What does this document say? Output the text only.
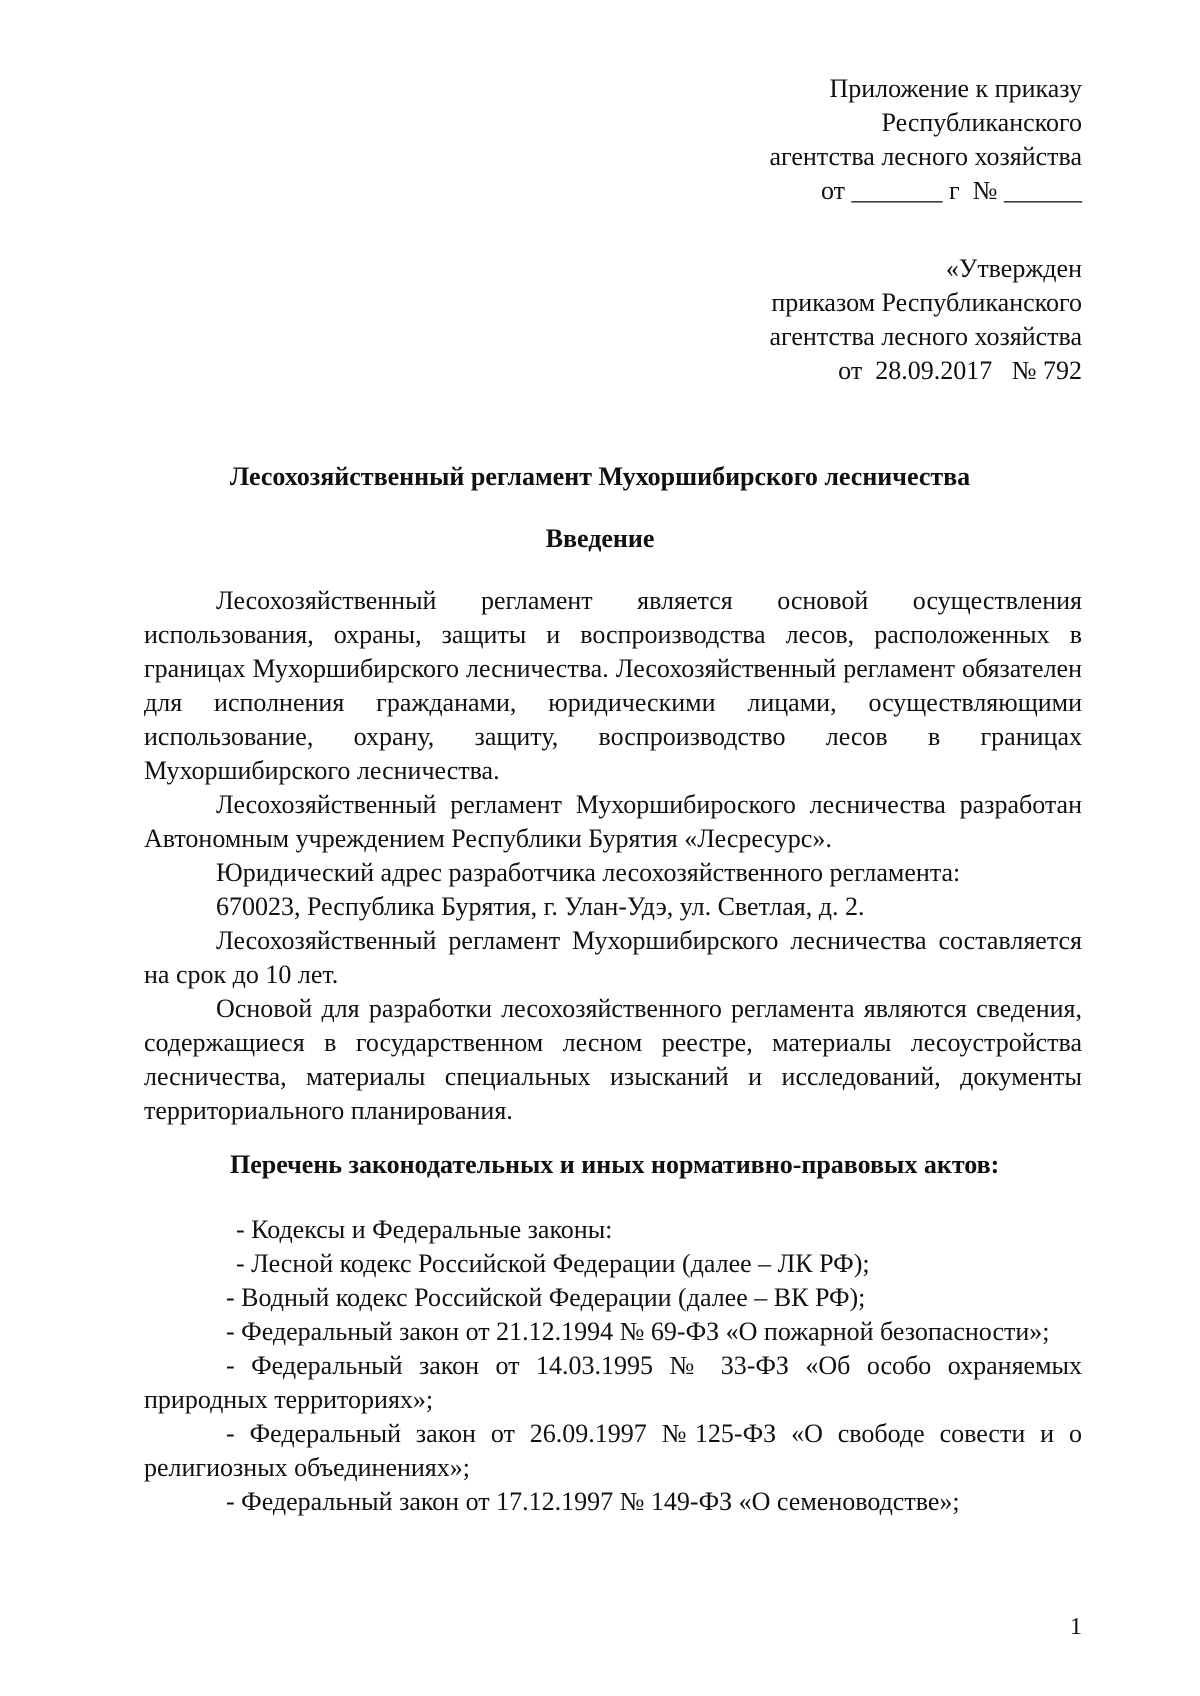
Приложение к приказу
Республиканского
агентства лесного хозяйства
от _______ г  № ______
«Утвержден
приказом Республиканского
агентства лесного хозяйства
от  28.09.2017   № 792
Лесохозяйственный регламент Мухоршибирского лесничества
Введение

Лесохозяйственный регламент является основой осуществления использования, охраны, защиты и воспроизводства лесов, расположенных в границах Мухоршибирского лесничества. Лесохозяйственный регламент обязателен для исполнения гражданами, юридическими лицами, осуществляющими использование, охрану, защиту, воспроизводство лесов в границах Мухоршибирского лесничества.

Лесохозяйственный регламент Мухоршибироского лесничества разработан Автономным учреждением Республики Бурятия «Лесресурс».

Юридический адрес разработчика лесохозяйственного регламента:

670023, Республика Бурятия, г. Улан-Удэ, ул. Светлая, д. 2.

Лесохозяйственный регламент Мухоршибирского лесничества составляется на срок до 10 лет.

Основой для разработки лесохозяйственного регламента являются сведения, содержащиеся в государственном лесном реестре, материалы лесоустройства лесничества, материалы специальных изысканий и исследований, документы территориального планирования.

Перечень законодательных и иных нормативно-правовых актов:

- Кодексы и Федеральные законы:

- Лесной кодекс Российской Федерации (далее – ЛК РФ);

- Водный кодекс Российской Федерации (далее – ВК РФ);

- Федеральный закон от 21.12.1994 № 69-ФЗ «О пожарной безопасности»;

- Федеральный закон от 14.03.1995 № 33-ФЗ «Об особо охраняемых природных территориях»;

- Федеральный закон от 26.09.1997 №125-ФЗ «О свободе совести и о религиозных объединениях»;

- Федеральный закон от 17.12.1997 № 149-ФЗ «О семеноводстве»;

1
